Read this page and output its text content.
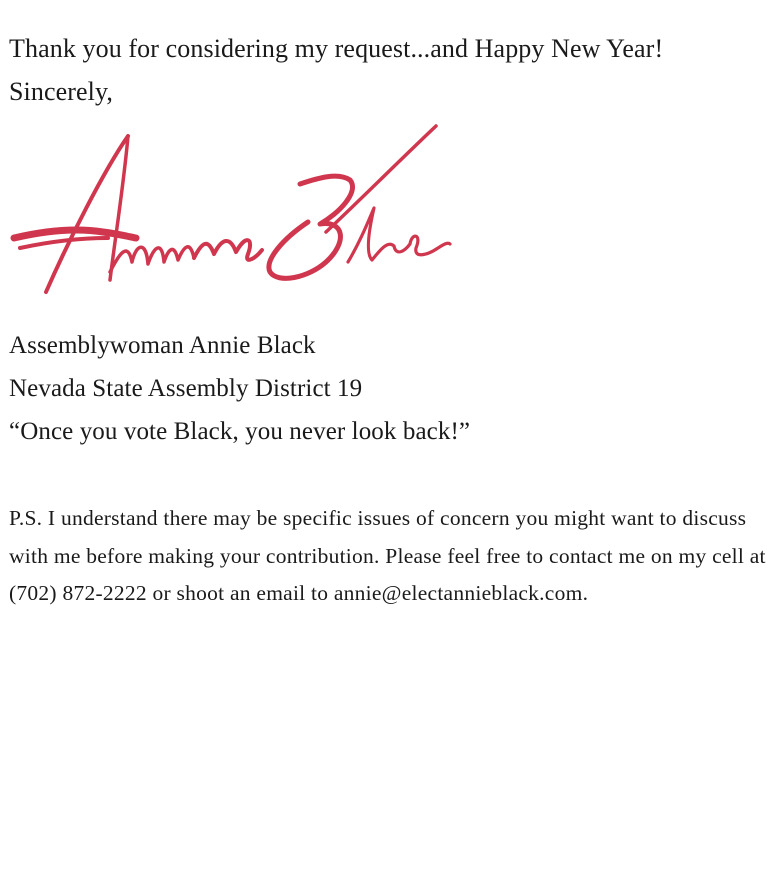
Thank you for considering my request...and Happy New Year!

Sincerely,

Assemblywoman Annie Black

Nevada State Assembly District 19

“Once you vote Black, you never look back!”

P.S. I understand there may be specific issues of concern you might want to discuss with me before making your contribution. Please feel free to contact me on my cell at (702) 872-2222 or shoot an email to annie@electannieblack.com.
